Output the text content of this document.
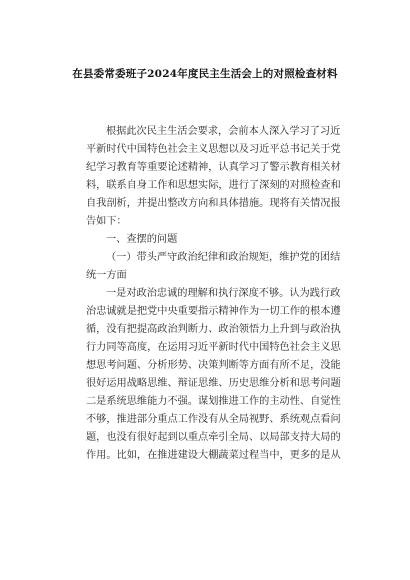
在县委常委班子2024年度民主生活会上的对照检查材料
根据此次民主生活会要求，会前本人深入学习了习近
平新时代中国特色社会主义思想以及习近平总书记关于党
纪学习教育等重要论述精神，认真学习了警示教育相关材
料，联系自身工作和思想实际，进行了深刻的对照检查和
自我剖析，并提出整改方向和具体措施。现将有关情况报
告如下：
一、查摆的问题
（一）带头严守政治纪律和政治规矩，维护党的团结
统一方面
一是对政治忠诚的理解和执行深度不够。认为践行政
治忠诚就是把党中央重要指示精神作为一切工作的根本遵
循，没有把提高政治判断力、政治领悟力上升到与政治执
行力同等高度，在运用习近平新时代中国特色社会主义思
想思考问题、分析形势、决策判断等方面有所不足，没能
很好运用战略思维、辩证思维、历史思维分析和思考问题
二是系统思维能力不强。谋划推进工作的主动性、自觉性
不够，推进部分重点工作没有从全局视野、系统观点看问
题，也没有很好起到以重点牵引全局、以局部支持大局的
作用。比如，在推进建设大棚蔬菜过程当中，更多的是从
